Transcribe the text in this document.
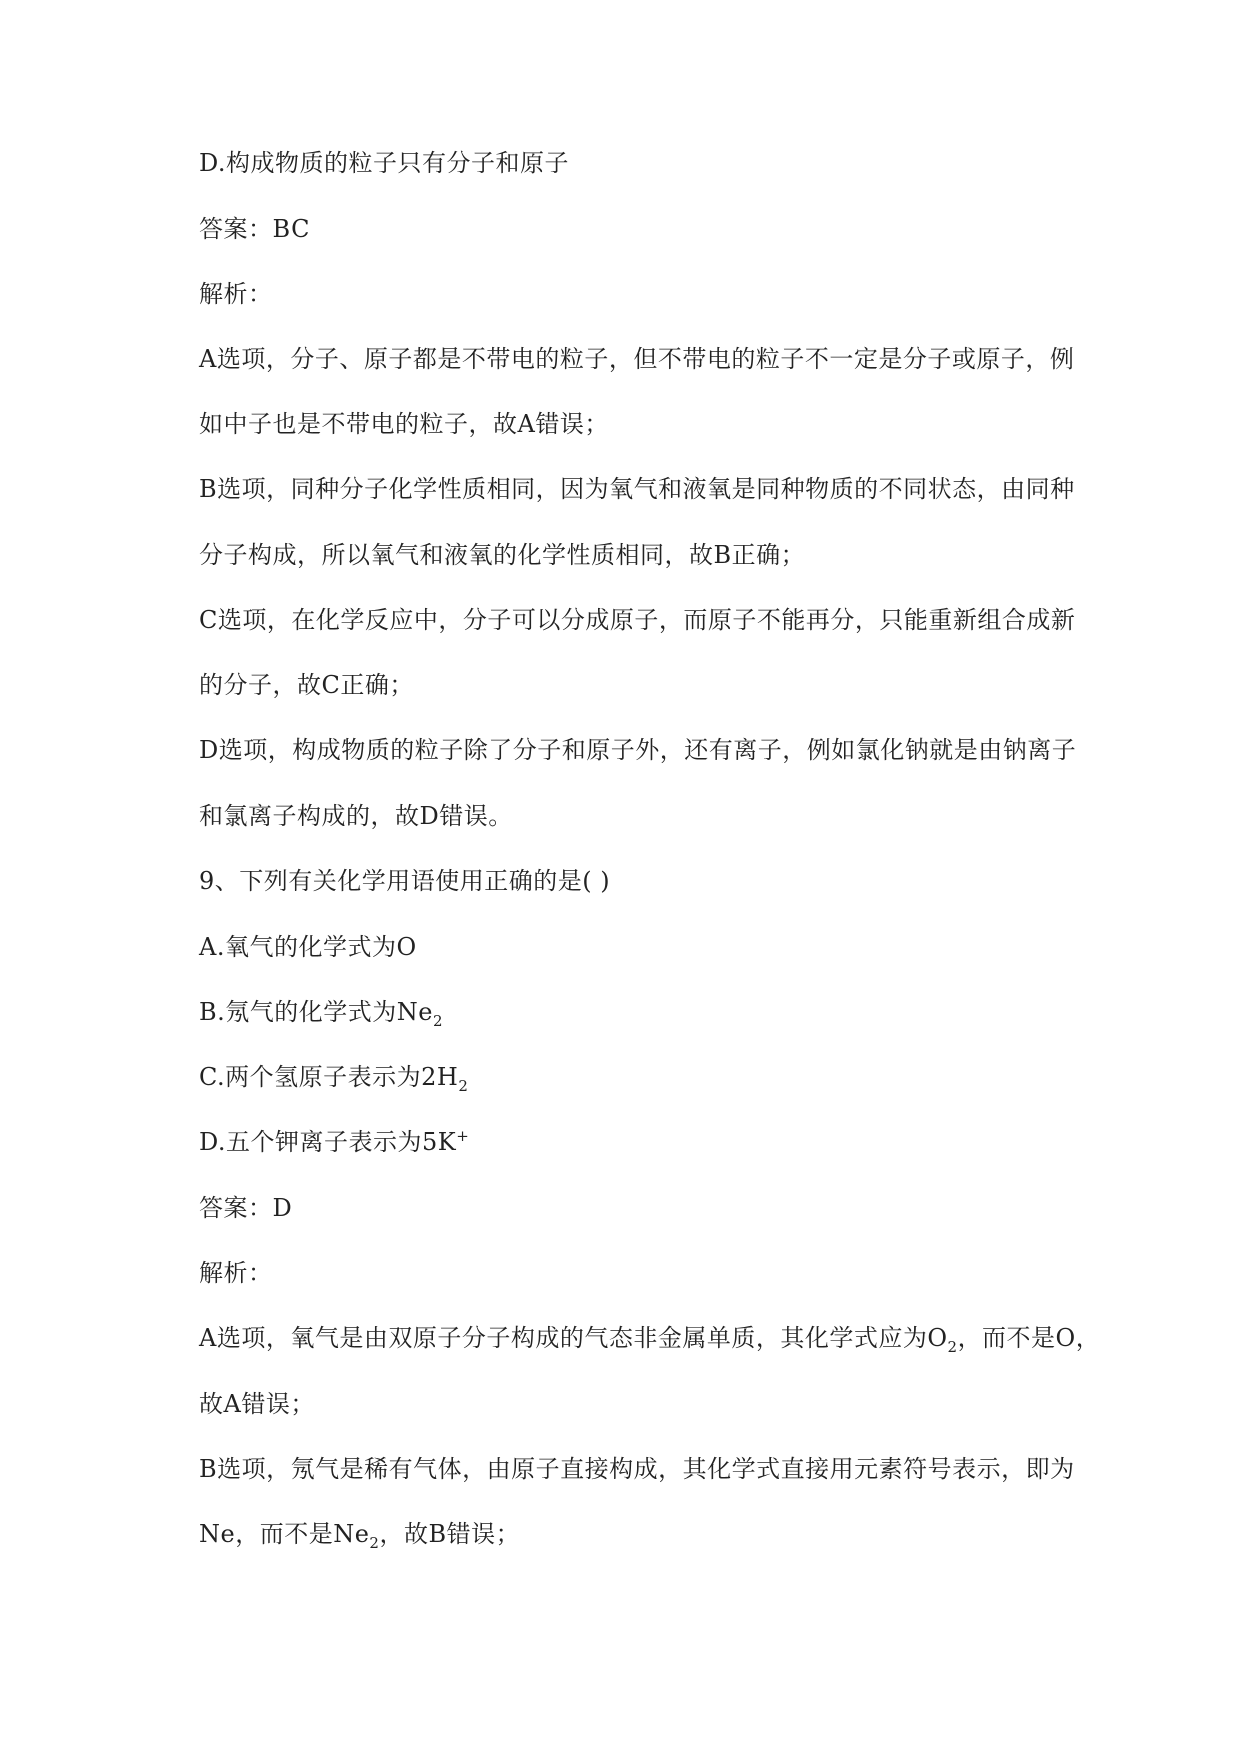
D.构成物质的粒子只有分子和原子
答案：BC
解析：
A选项，分子、原子都是不带电的粒子，但不带电的粒子不一定是分子或原子，例
如中子也是不带电的粒子，故A错误；
B选项，同种分子化学性质相同，因为氧气和液氧是同种物质的不同状态，由同种
分子构成，所以氧气和液氧的化学性质相同，故B正确；
C选项，在化学反应中，分子可以分成原子，而原子不能再分，只能重新组合成新
的分子，故C正确；
D选项，构成物质的粒子除了分子和原子外，还有离子，例如氯化钠就是由钠离子
和氯离子构成的，故D错误。
9、下列有关化学用语使用正确的是( )
A.氧气的化学式为O
B.氖气的化学式为$Ne_2$
C.两个氢原子表示为$2H_2$
D.五个钾离子表示为5K+
答案：D
解析：
A选项，氧气是由双原子分子构成的气态非金属单质，其化学式应为$O_2$，而不是O，
故A错误；
B选项，氖气是稀有气体，由原子直接构成，其化学式直接用元素符号表示，即为
Ne，而不是$Ne_2$，故B错误；
